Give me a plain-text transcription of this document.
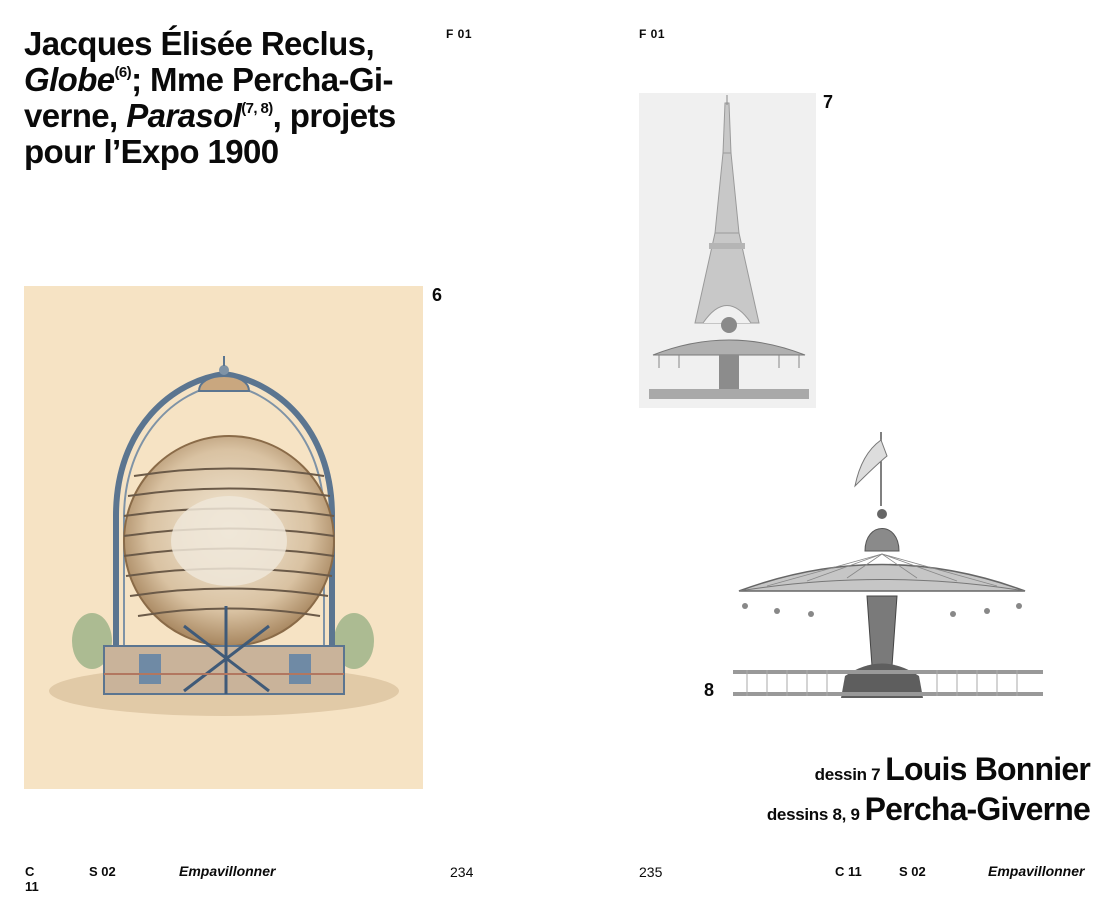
Jacques Élisée Reclus,
Globe$^{(6)}$; Mme Percha-Gi-
verne, Parasol$^{(7, 8)}$, projets
pour l’Expo 1900
F 01
6
C 11
S 02	Empavillonner	234
F 01
7
8
dessin 7 Louis Bonnier
dessins 8, 9 Percha-Giverne
235	C 11	S 02	Empavillonner
